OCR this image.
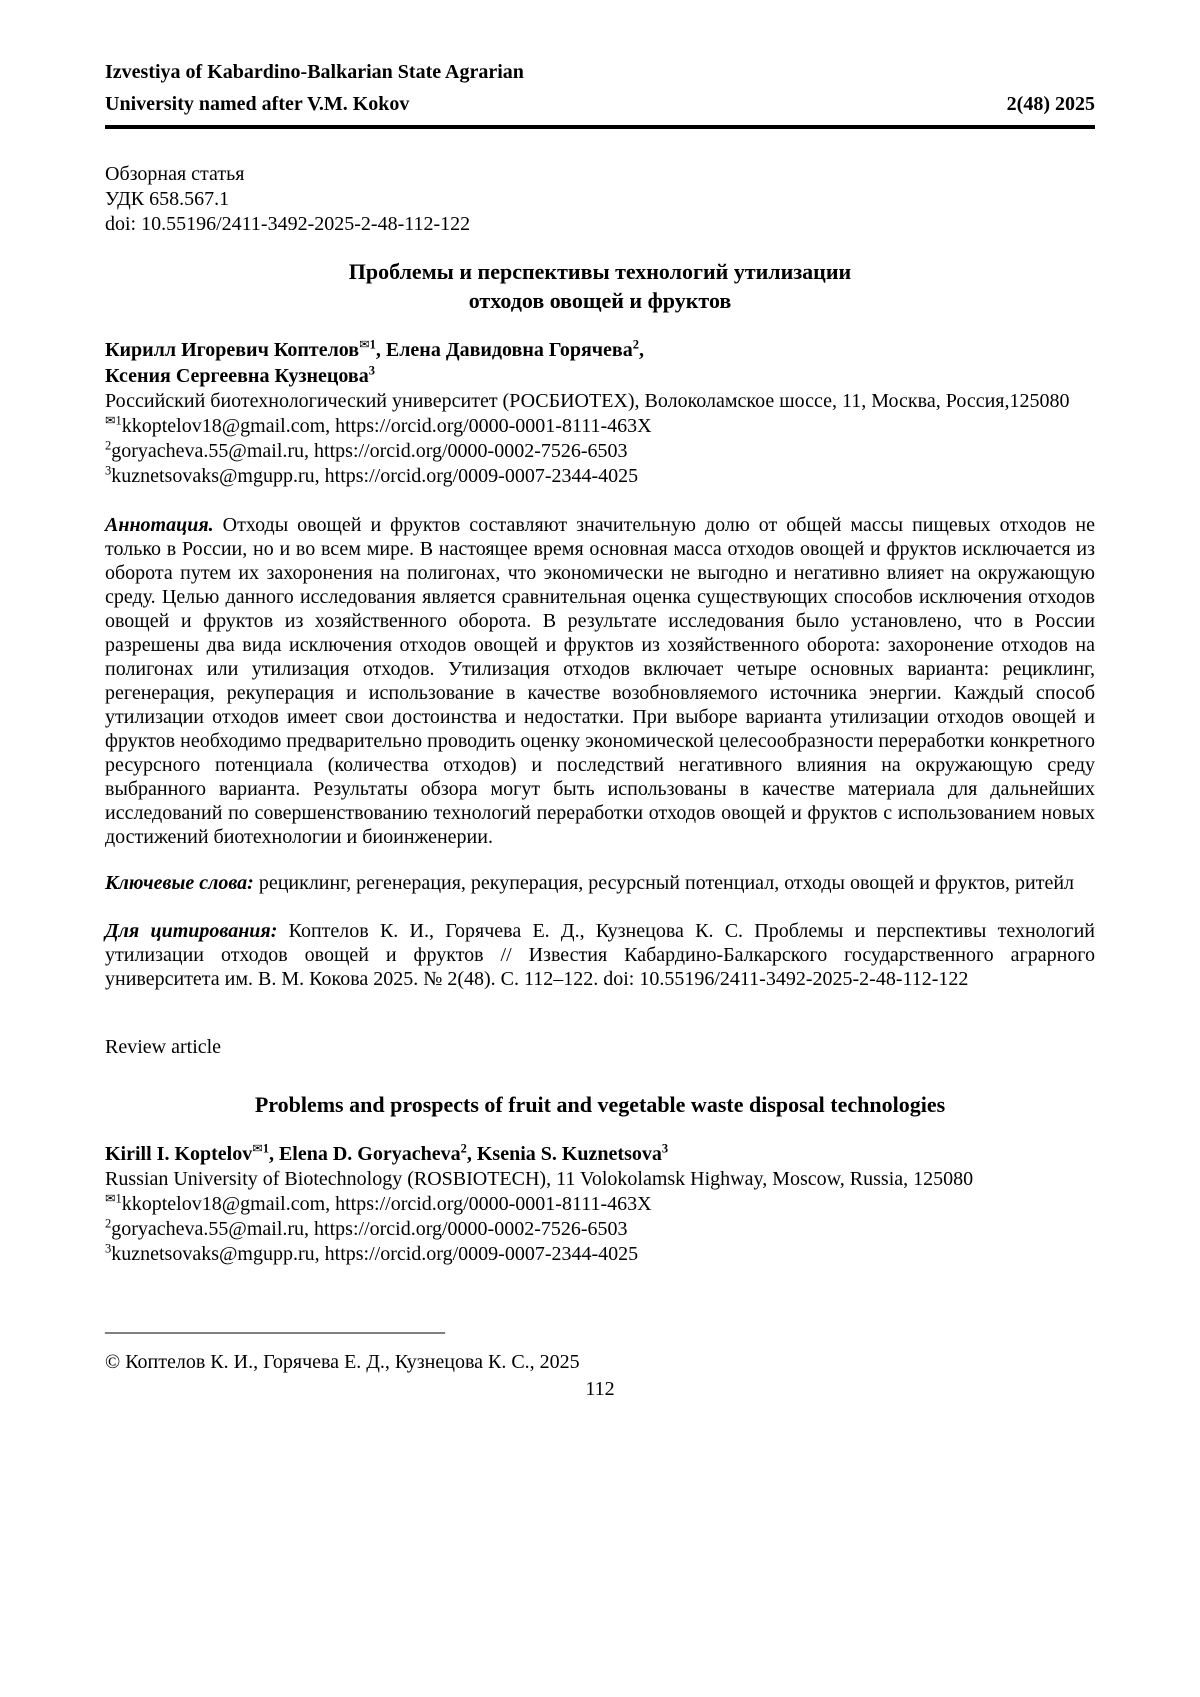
Izvestiya of Kabardino-Balkarian State Agrarian
University named after V.M. Kokov	2(48) 2025
Обзорная статья
УДК 658.567.1
doi: 10.55196/2411-3492-2025-2-48-112-122
Проблемы и перспективы технологий утилизации
отходов овощей и фруктов
Кирилл Игоревич Коптелов$^{✉1}$, Елена Давидовна Горячева$^2$,
Ксения Сергеевна Кузнецова$^3$
Российский биотехнологический университет (РОСБИОТЕХ), Волоколамское шоссе, 11, Москва, Россия,125080
$^{✉1}$kkoptelov18@gmail.com, https://orcid.org/0000-0001-8111-463X
$^2$goryacheva.55@mail.ru, https://orcid.org/0000-0002-7526-6503
$^3$kuznetsovaks@mgupp.ru, https://orcid.org/0009-0007-2344-4025
Аннотация. Отходы овощей и фруктов составляют значительную долю от общей массы пищевых отходов не только в России, но и во всем мире. В настоящее время основная масса отходов овощей и фруктов исключается из оборота путем их захоронения на полигонах, что экономически не выгодно и негативно влияет на окружающую среду. Целью данного исследования является сравнительная оценка существующих способов исключения отходов овощей и фруктов из хозяйственного оборота. В результате исследования было установлено, что в России разрешены два вида исключения отходов овощей и фруктов из хозяйственного оборота: захоронение отходов на полигонах или утилизация отходов. Утилизация отходов включает четыре основных варианта: рециклинг, регенерация, рекуперация и использование в качестве возобновляемого источника энергии. Каждый способ утилизации отходов имеет свои достоинства и недостатки. При выборе варианта утилизации отходов овощей и фруктов необходимо предварительно проводить оценку экономической целесообразности переработки конкретного ресурсного потенциала (количества отходов) и последствий негативного влияния на окружающую среду выбранного варианта. Результаты обзора могут быть использованы в качестве материала для дальнейших исследований по совершенствованию технологий переработки отходов овощей и фруктов с использованием новых достижений биотехнологии и биоинженерии.
Ключевые слова: рециклинг, регенерация, рекуперация, ресурсный потенциал, отходы овощей и фруктов, ритейл
Для цитирования: Коптелов К. И., Горячева Е. Д., Кузнецова К. С. Проблемы и перспективы технологий утилизации отходов овощей и фруктов // Известия Кабардино-Балкарского государственного аграрного университета им. В. М. Кокова 2025. № 2(48). С. 112–122. doi: 10.55196/2411-3492-2025-2-48-112-122
Review article
Problems and prospects of fruit and vegetable waste disposal technologies
Kirill I. Koptelov$^{✉1}$, Elena D. Goryacheva$^2$, Ksenia S. Kuznetsova$^3$
Russian University of Biotechnology (ROSBIOTECH), 11 Volokolamsk Highway, Moscow, Russia, 125080
$^{✉1}$kkoptelov18@gmail.com, https://orcid.org/0000-0001-8111-463X
$^2$goryacheva.55@mail.ru, https://orcid.org/0000-0002-7526-6503
$^3$kuznetsovaks@mgupp.ru, https://orcid.org/0009-0007-2344-4025
__________________________________
© Коптелов К. И., Горячева Е. Д., Кузнецова К. С., 2025
112
